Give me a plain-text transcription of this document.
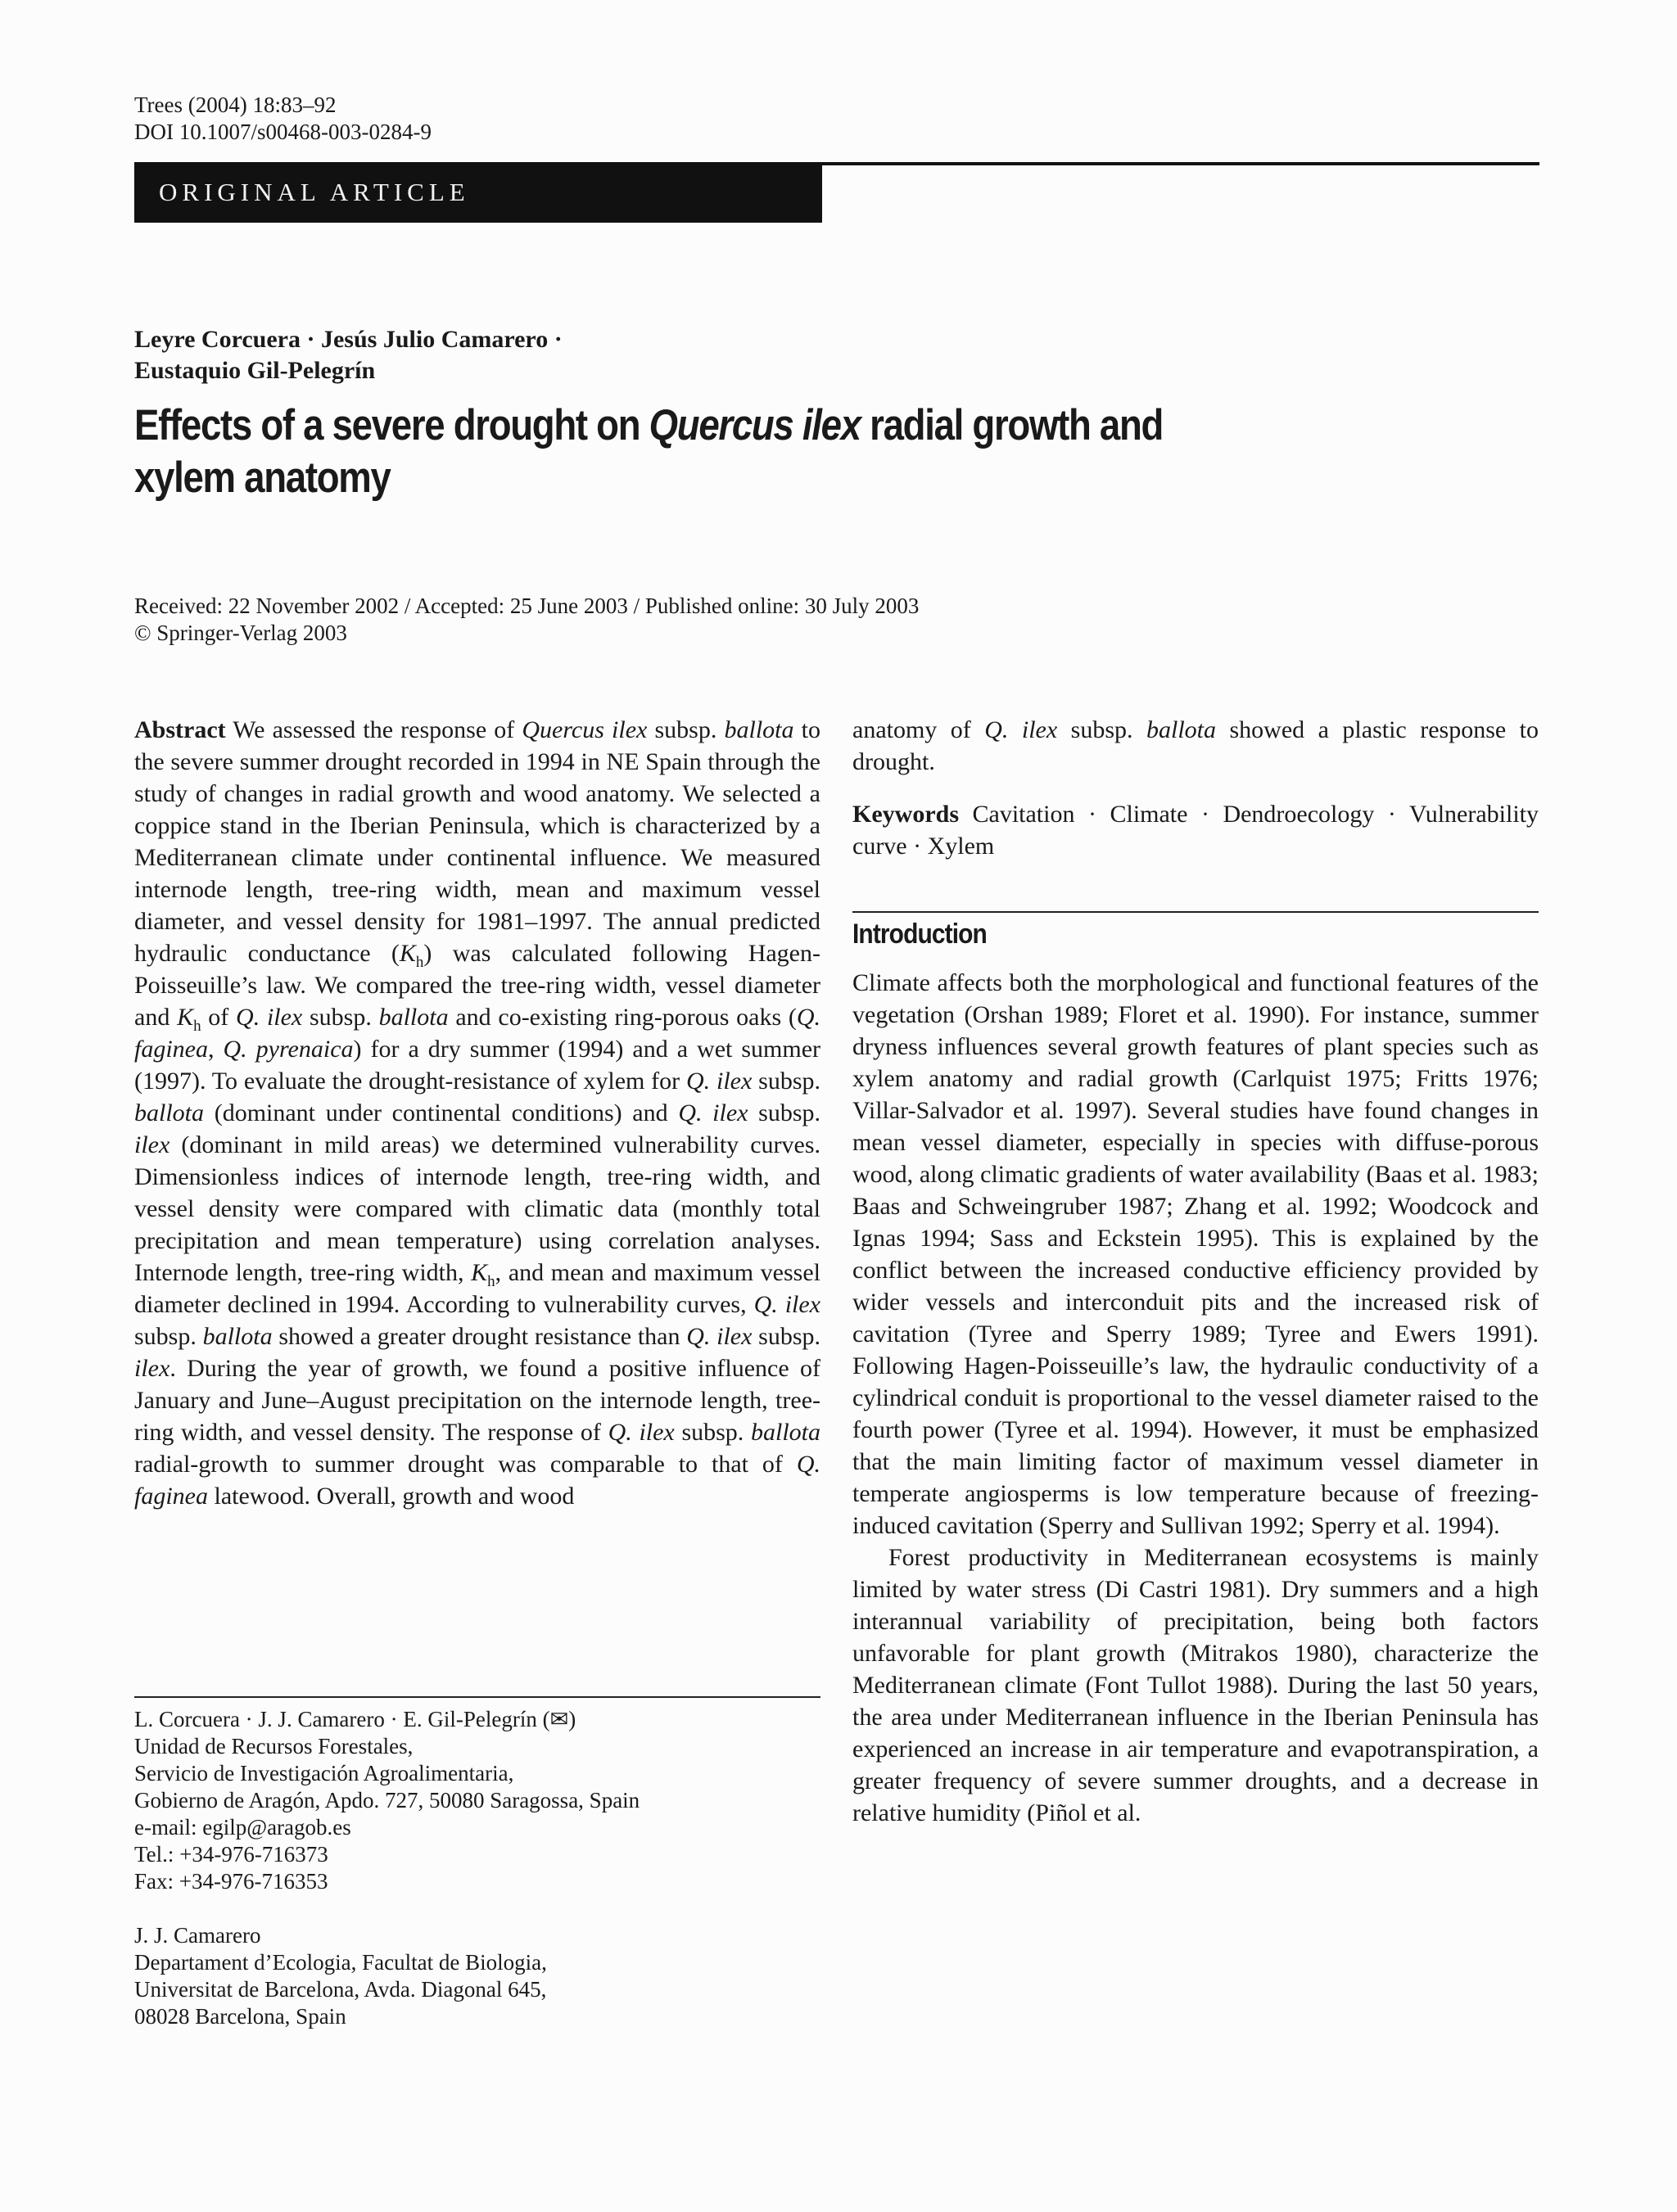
Trees (2004) 18:83–92
DOI 10.1007/s00468-003-0284-9
ORIGINAL ARTICLE
Leyre Corcuera · Jesús Julio Camarero ·
Eustaquio Gil-Pelegrín
Effects of a severe drought on Quercus ilex radial growth and xylem anatomy
Received: 22 November 2002 / Accepted: 25 June 2003 / Published online: 30 July 2003
© Springer-Verlag 2003

Abstract We assessed the response of Quercus ilex subsp. ballota to the severe summer drought recorded in 1994 in NE Spain through the study of changes in radial growth and wood anatomy. We selected a coppice stand in the Iberian Peninsula, which is characterized by a Mediterranean climate under continental influence. We measured internode length, tree-ring width, mean and maximum vessel diameter, and vessel density for 1981–1997. The annual predicted hydraulic conductance $(K_h)$ was calculated following Hagen-Poisseuille’s law. We compared the tree-ring width, vessel diameter and $K_h$ of Q. ilex subsp. ballota and co-existing ring-porous oaks (Q. faginea, Q. pyrenaica) for a dry summer (1994) and a wet summer (1997). To evaluate the drought-resistance of xylem for Q. ilex subsp. ballota (dominant under continental conditions) and Q. ilex subsp. ilex (dominant in mild areas) we determined vulnerability curves. Dimensionless indices of internode length, tree-ring width, and vessel density were compared with climatic data (monthly total precipitation and mean temperature) using correlation analyses. Internode length, tree-ring width, $K_h$, and mean and maximum vessel diameter declined in 1994. According to vulnerability curves, Q. ilex subsp. ballota showed a greater drought resistance than Q. ilex subsp. ilex. During the year of growth, we found a positive influence of January and June–August precipitation on the internode length, tree-ring width, and vessel density. The response of Q. ilex subsp. ballota radial-growth to summer drought was comparable to that of Q. faginea latewood. Overall, growth and wood

anatomy of Q. ilex subsp. ballota showed a plastic response to drought.

Keywords Cavitation · Climate · Dendroecology · Vulnerability curve · Xylem

Introduction

Climate affects both the morphological and functional features of the vegetation (Orshan 1989; Floret et al. 1990). For instance, summer dryness influences several growth features of plant species such as xylem anatomy and radial growth (Carlquist 1975; Fritts 1976; Villar-Salvador et al. 1997). Several studies have found changes in mean vessel diameter, especially in species with diffuse-porous wood, along climatic gradients of water availability (Baas et al. 1983; Baas and Schweingruber 1987; Zhang et al. 1992; Woodcock and Ignas 1994; Sass and Eckstein 1995). This is explained by the conflict between the increased conductive efficiency provided by wider vessels and interconduit pits and the increased risk of cavitation (Tyree and Sperry 1989; Tyree and Ewers 1991). Following Hagen-Poisseuille’s law, the hydraulic conductivity of a cylindrical conduit is proportional to the vessel diameter raised to the fourth power (Tyree et al. 1994). However, it must be emphasized that the main limiting factor of maximum vessel diameter in temperate angiosperms is low temperature because of freezing-induced cavitation (Sperry and Sullivan 1992; Sperry et al. 1994).

Forest productivity in Mediterranean ecosystems is mainly limited by water stress (Di Castri 1981). Dry summers and a high interannual variability of precipitation, being both factors unfavorable for plant growth (Mitrakos 1980), characterize the Mediterranean climate (Font Tullot 1988). During the last 50 years, the area under Mediterranean influence in the Iberian Peninsula has experienced an increase in air temperature and evapotranspiration, a greater frequency of severe summer droughts, and a decrease in relative humidity (Piñol et al.

L. Corcuera · J. J. Camarero · E. Gil-Pelegrín (✉)
Unidad de Recursos Forestales,
Servicio de Investigación Agroalimentaria,
Gobierno de Aragón, Apdo. 727, 50080 Saragossa, Spain
e-mail: egilp@aragob.es
Tel.: +34-976-716373
Fax: +34-976-716353
J. J. Camarero
Departament d’Ecologia, Facultat de Biologia,
Universitat de Barcelona, Avda. Diagonal 645,
08028 Barcelona, Spain
